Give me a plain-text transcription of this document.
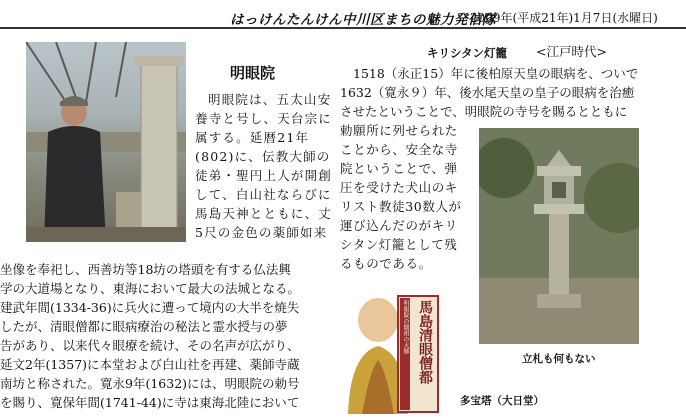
はっけんたんけん中川区まちの魅力発信隊
2009年(平成21年)1月7日(水曜日)
明眼院
明眼院は、五太山安
養寺と号し、天台宗に
属する。延暦21年
(802)に、伝教大師の
徒弟・聖円上人が開創
して、白山社ならびに
馬島天神とともに、丈
5尺の金色の薬師如来
坐像を奉祀し、西善坊等18坊の塔頭を有する仏法興
学の大道場となり、東海において最大の法城となる。
建武年間(1334-36)に兵火に遭って境内の大半を焼失
したが、清眼僧都に眼病療治の秘法と霊水授与の夢
告があり、以来代々眼療を続け、その名声が広がり、
延文2年(1357)に本堂および白山社を再建、薬師寺蔵
南坊と称された。寛永9年(1632)には、明眼院の勅号
を賜り、寛保年間(1741-44)に寺は東海北陸において
キリシタン灯籠 <江戸時代>
1518（永正15）年に後柏原天皇の眼病を、ついで
1632（寛永９）年、後水尾天皇の皇子の眼病を治癒
させたということで、明眼院の寺号を賜るとともに
勅願所に列せられた
ことから、安全な寺
院ということで、弾
圧を受けた犬山のキ
リスト教徒30数人が
運び込んだのがキリ
シタン灯籠として残
るものである。
立札も何もない
明眼院の開祖の大師 馬島清眼僧都
多宝塔（大日堂）
